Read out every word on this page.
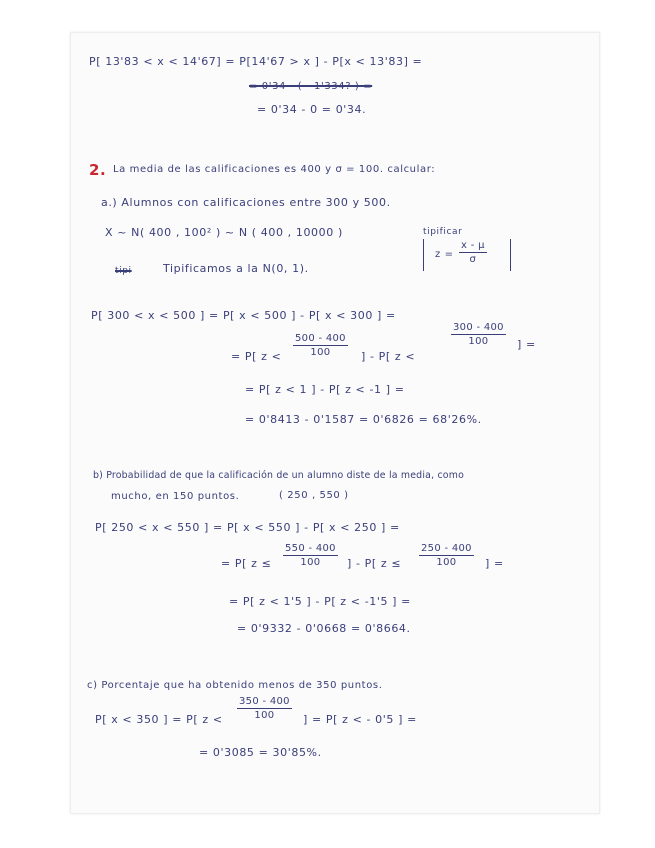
P[ 13'83 < x < 14'67] = P[14'67 > x ] - P[x < 13'83] =
= 0'34 - ( - 1'334? ) =
= 0'34 - 0 = 0'34.
2. La media de las calificaciones es 400 y σ = 100. calcular:
a.) Alumnos con calificaciones entre 300 y 500.
X ~ N( 400 , 100² ) ~ N ( 400 , 10000 )	tipificar
$z = \frac{x - \mu}{\sigma}$
tipi	Tipificamos a la N(0, 1).
P[ 300 < x < 500 ] = P[ x < 500 ] - P[ x < 300 ] =
= P[ $z < \frac{500 - 400}{100}$ ] - P[ z <
$\frac{300 - 400}{100}$ ] =
= P[ z < 1 ] - P[ z < -1 ] =
= 0'8413 - 0'1587 = 0'6826 = 68'26%.
b) Probabilidad de que la calificación de un alumno diste de la media, como
mucho, en 150 puntos.	( 250 , 550 )
P[ 250 < x < 550 ] = P[ x < 550 ] - P[ x < 250 ] =
= P[ $z \le \frac{550 - 400}{100}$ ] - P[ $z \le \frac{250 - 400}{100}$ ] =
= P[ z < 1'5 ] - P[ z < -1'5 ] =
= 0'9332 - 0'0668 = 0'8664.
c) Porcentaje que ha obtenido menos de 350 puntos.
P[ x < 350 ] = P[ $z < \frac{350 - 400}{100}$ ] = P[ z < - 0'5 ] =
= 0'3085 = 30'85%.
